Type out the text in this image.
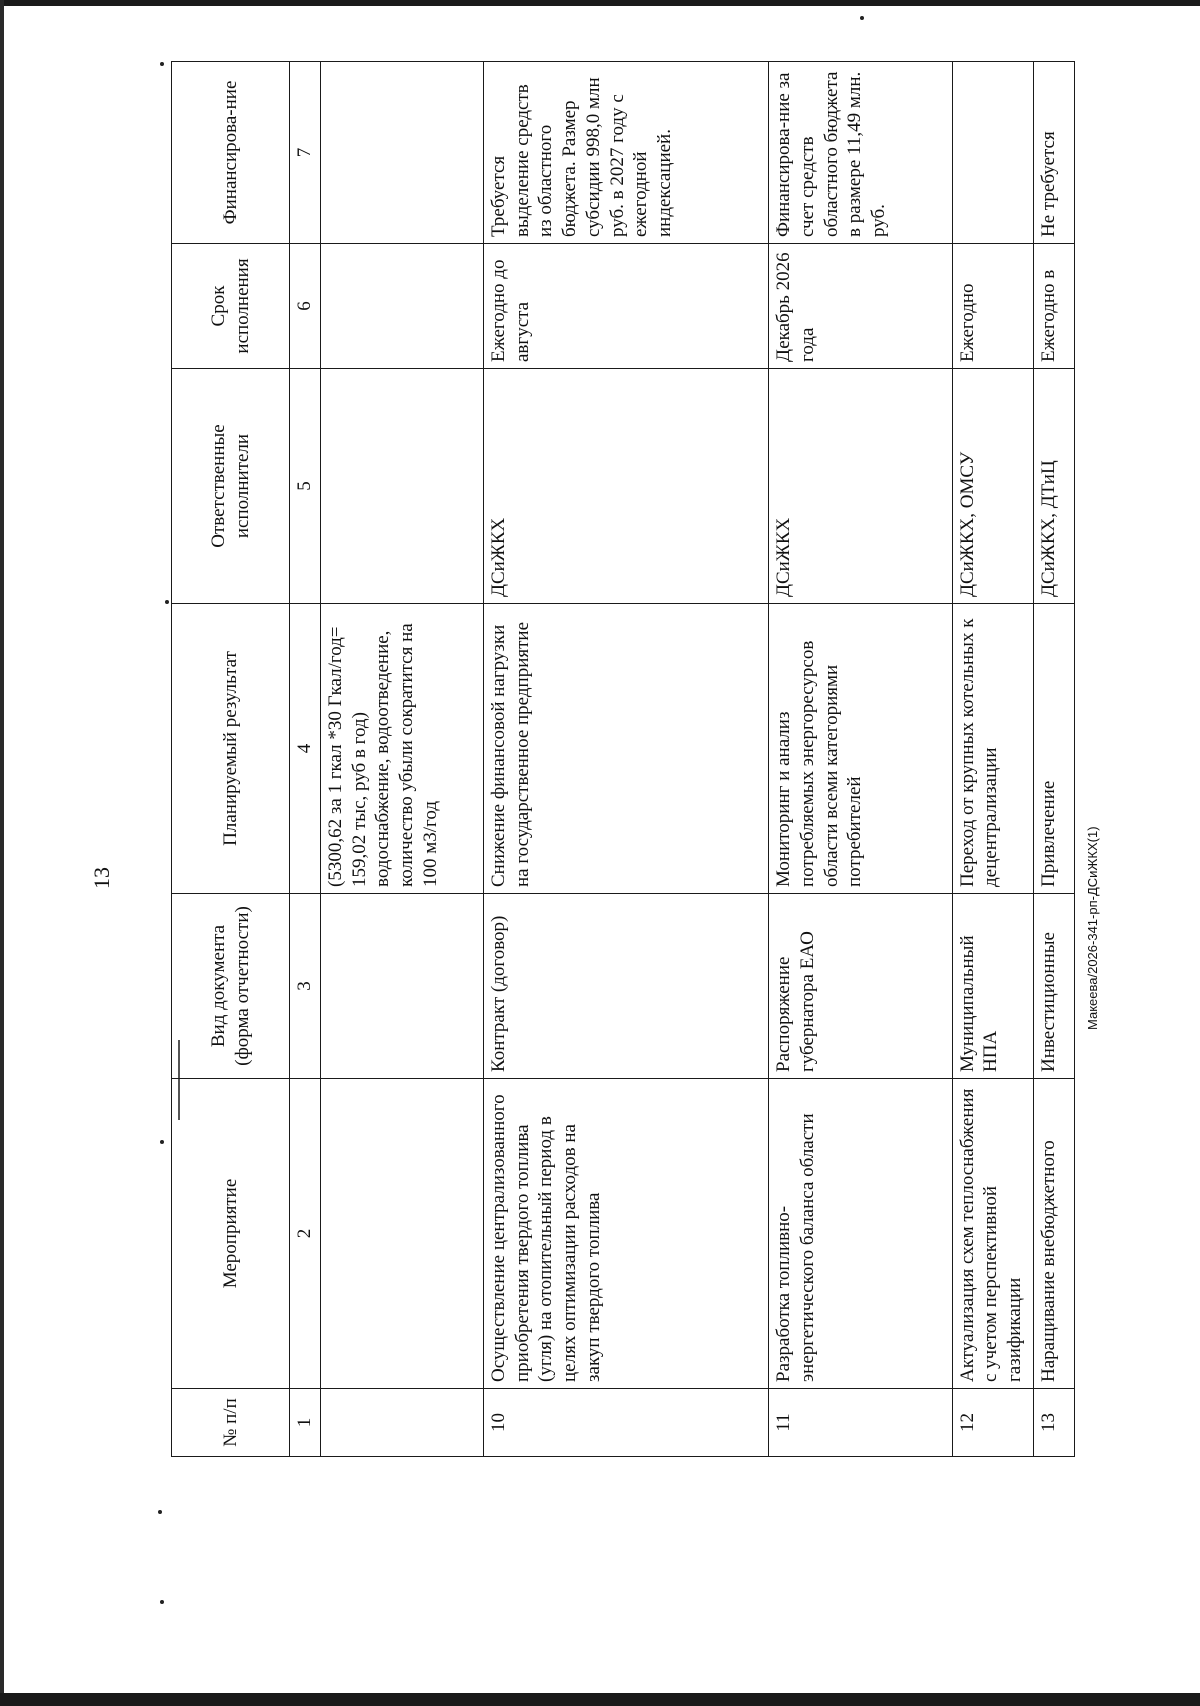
13
№ п/п	Мероприятие	Вид документа (форма отчетности)	Планируемый результат	Ответственные исполнители	Срок исполнения	Финансирова-ние
1	2	3	4	5	6	7
			(5300,62 за 1 гкал *30 Гкал/год= 159,02 тыс, руб в год) водоснабжение, водоотведение, количество убыли сократится на 100 м3/год			
10	Осуществление централизованного приобретения твердого топлива (угля) на отопительный период в целях оптимизации расходов на закуп твердого топлива	Контракт (договор)	Снижение финансовой нагрузки на государственное предприятие	ДСиЖКХ	Ежегодно до августа	Требуется выделение средств из областного бюджета. Размер субсидии 998,0 млн руб. в 2027 году с ежегодной индексацией.
11	Разработка топливно-энергетического баланса области	Распоряжение губернатора ЕАО	Мониторинг и анализ потребляемых энергоресурсов области всеми категориями потребителей	ДСиЖКХ	Декабрь 2026 года	Финансирова-ние за счет средств областного бюджета в размере 11,49 млн. руб.
12	Актуализация схем теплоснабжения с учетом перспективной газификации	Муниципальный НПА	Переход от крупных котельных к децентрализации	ДСиЖКХ, ОМСУ	Ежегодно	
13	Наращивание внебюджетного	Инвестиционные	Привлечение	ДСиЖКХ, ДТиЦ	Ежегодно в	Не требуется
Макеева/2026-341-рп-ДСиЖКХ(1)
